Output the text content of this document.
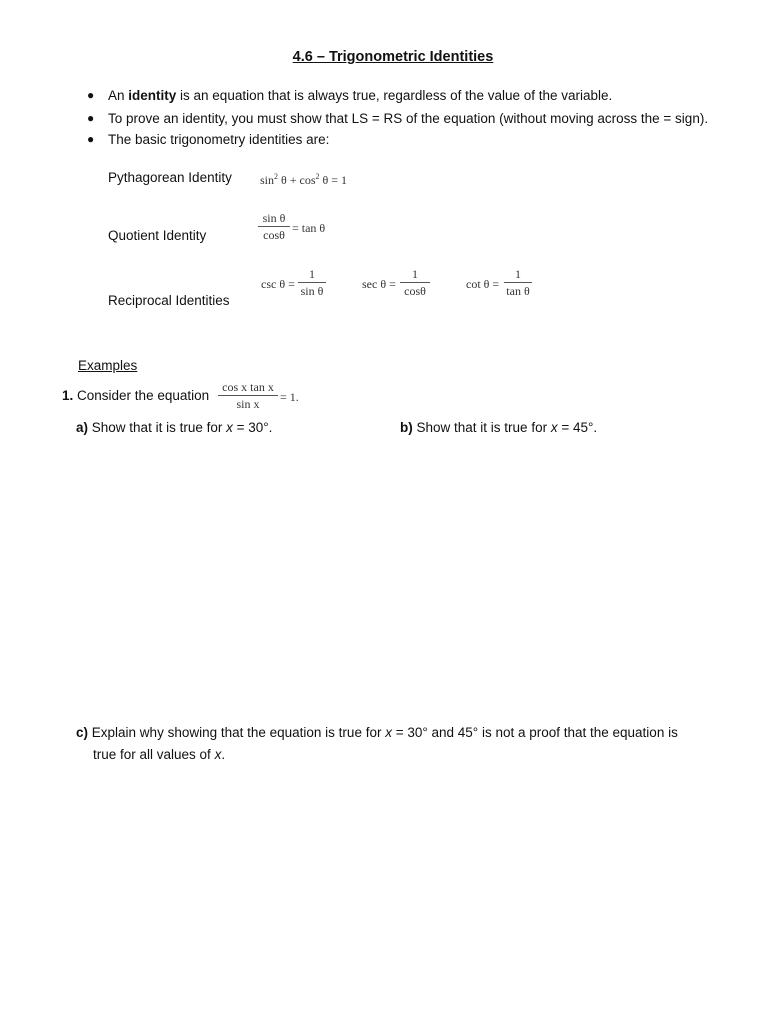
4.6 – Trigonometric Identities
● An identity is an equation that is always true, regardless of the value of the variable.
● To prove an identity, you must show that LS = RS of the equation (without moving across the = sign).
● The basic trigonometry identities are:
Pythagorean Identity $\sin^2 \theta + \cos^2 \theta = 1$
Quotient Identity
sin θ
cosθ = tan θ
Reciprocal Identities
csc θ =
1
sin θ	sec θ =
1
cosθ	cot θ =
1
tan θ
Examples
1. Consider the equation
cos x tan x
sin x	= 1.
a) Show that it is true for x = 30°.	b) Show that it is true for x = 45°.
c) Explain why showing that the equation is true for x = 30° and 45° is not a proof that the equation is
true for all values of x.
